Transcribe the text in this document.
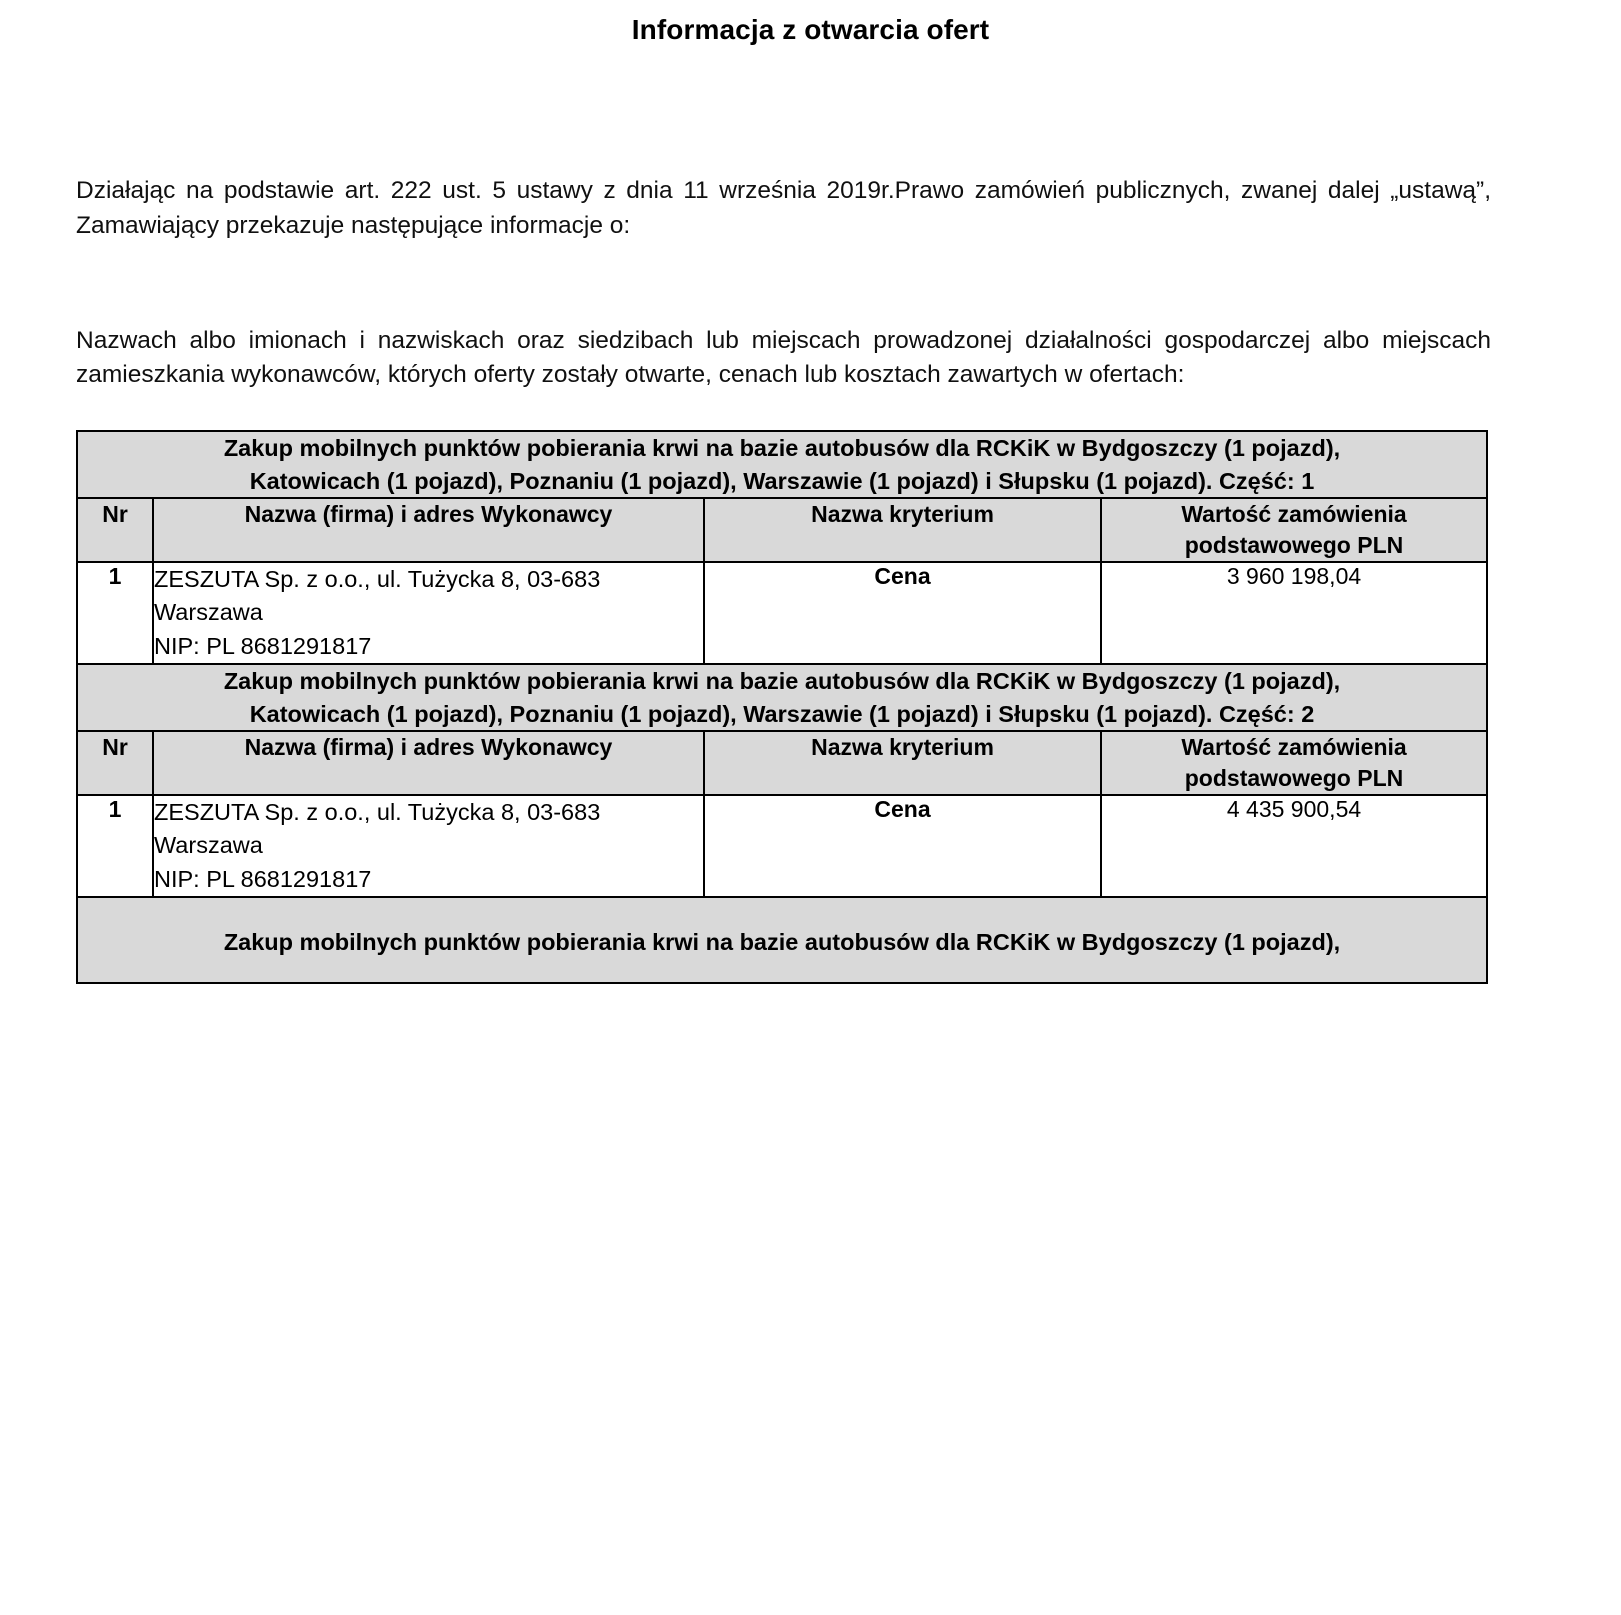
Informacja z otwarcia ofert

Działając na podstawie art. 222 ust. 5 ustawy z dnia 11 września 2019r.Prawo zamówień publicznych, zwanej dalej „ustawą”, Zamawiający przekazuje następujące informacje o:

Nazwach albo imionach i nazwiskach oraz siedzibach lub miejscach prowadzonej działalności gospodarczej albo miejscach zamieszkania wykonawców, których oferty zostały otwarte, cenach lub kosztach zawartych w ofertach:

Zakup mobilnych punktów pobierania krwi na bazie autobusów dla RCKiK w Bydgoszczy (1 pojazd),
Katowicach (1 pojazd), Poznaniu (1 pojazd), Warszawie (1 pojazd) i Słupsku (1 pojazd). Część: 1			

Nr	Nazwa (firma) i adres Wykonawcy	Nazwa kryterium	Wartość zamówienia
podstawowego PLN

1	ZESZUTA Sp. z o.o., ul. Tużycka 8, 03-683
Warszawa
NIP: PL 8681291817	Cena	3 960 198,04

Zakup mobilnych punktów pobierania krwi na bazie autobusów dla RCKiK w Bydgoszczy (1 pojazd),
Katowicach (1 pojazd), Poznaniu (1 pojazd), Warszawie (1 pojazd) i Słupsku (1 pojazd). Część: 2			

Nr	Nazwa (firma) i adres Wykonawcy	Nazwa kryterium	Wartość zamówienia
podstawowego PLN

1	ZESZUTA Sp. z o.o., ul. Tużycka 8, 03-683
Warszawa
NIP: PL 8681291817	Cena	4 435 900,54

Zakup mobilnych punktów pobierania krwi na bazie autobusów dla RCKiK w Bydgoszczy (1 pojazd),			
